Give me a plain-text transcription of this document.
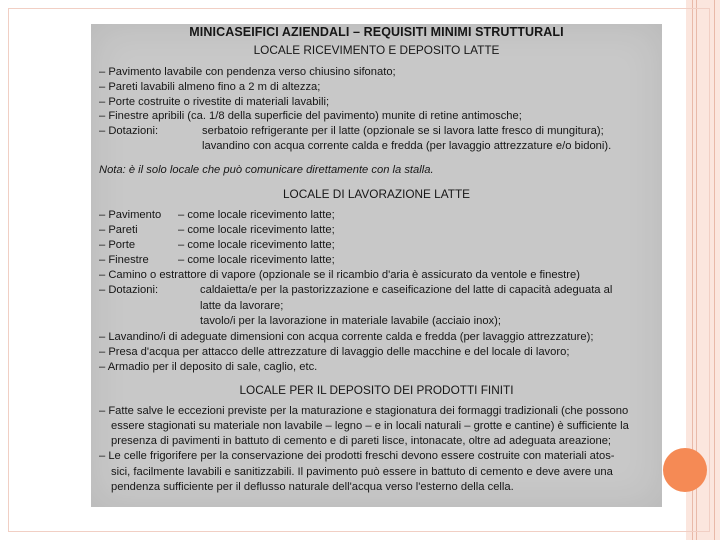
MINICASEIFICI AZIENDALI – REQUISITI MINIMI STRUTTURALI
LOCALE RICEVIMENTO E DEPOSITO LATTE
– Pavimento lavabile con pendenza verso chiusino sifonato;
– Pareti lavabili almeno fino a 2 m di altezza;
– Porte costruite o rivestite di materiali lavabili;
– Finestre apribili (ca. 1/8 della superficie del pavimento) munite di retine antimosche;
– Dotazioni:	serbatoio refrigerante per il latte (opzionale se si lavora latte fresco di mungitura);
lavandino con acqua corrente calda e fredda (per lavaggio attrezzature e/o bidoni).
Nota: è il solo locale che può comunicare direttamente con la stalla.
LOCALE DI LAVORAZIONE LATTE
– Pavimento – come locale ricevimento latte;
– Pareti	– come locale ricevimento latte;
– Porte	– come locale ricevimento latte;
– Finestre	– come locale ricevimento latte;
– Camino o estrattore di vapore (opzionale se il ricambio d'aria è assicurato da ventole e finestre)
– Dotazioni:	caldaietta/e per la pastorizzazione e caseificazione del latte di capacità adeguata al
latte da lavorare;
tavolo/i per la lavorazione in materiale lavabile (acciaio inox);
– Lavandino/i di adeguate dimensioni con acqua corrente calda e fredda (per lavaggio attrezzature);
– Presa d'acqua per attacco delle attrezzature di lavaggio delle macchine e del locale di lavoro;
– Armadio per il deposito di sale, caglio, etc.
LOCALE PER IL DEPOSITO DEI PRODOTTI FINITI
– Fatte salve le eccezioni previste per la maturazione e stagionatura dei formaggi tradizionali (che possono
essere stagionati su materiale non lavabile – legno – e in locali naturali – grotte e cantine) è sufficiente la
presenza di pavimenti in battuto di cemento e di pareti lisce, intonacate, oltre ad adeguata areazione;
– Le celle frigorifere per la conservazione dei prodotti freschi devono essere costruite con materiali atos-
sici, facilmente lavabili e sanitizzabili. Il pavimento può essere in battuto di cemento e deve avere una
pendenza sufficiente per il deflusso naturale dell'acqua verso l'esterno della cella.
